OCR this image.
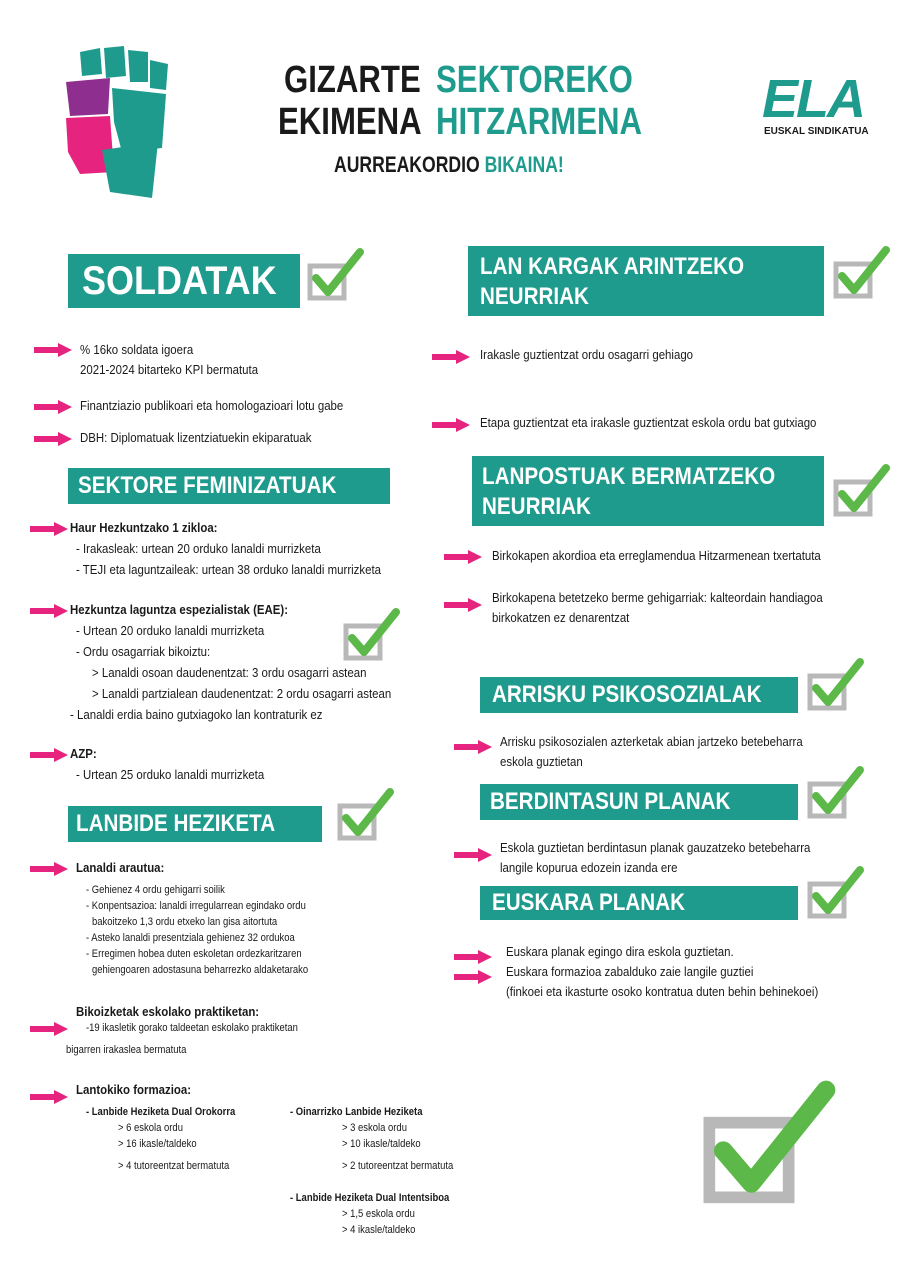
GIZARTE SEKTOREKO
EKIMENA HITZARMENA
AURREAKORDIO BIKAINA!
ELA
EUSKAL SINDIKATUA
SOLDATAK
% 16ko soldata igoera
2021-2024 bitarteko KPI bermatuta
Finantziazio publikoari eta homologazioari lotu gabe
DBH: Diplomatuak lizentziatuekin ekiparatuak
SEKTORE FEMINIZATUAK
Haur Hezkuntzako 1 zikloa:
- Irakasleak: urtean 20 orduko lanaldi murrizketa
- TEJI eta laguntzaileak: urtean 38 orduko lanaldi murrizketa
Hezkuntza laguntza espezialistak (EAE):
- Urtean 20 orduko lanaldi murrizketa
- Ordu osagarriak bikoiztu:
> Lanaldi osoan daudenentzat: 3 ordu osagarri astean
> Lanaldi partzialean daudenentzat: 2 ordu osagarri astean
- Lanaldi erdia baino gutxiagoko lan kontraturik ez
AZP:
- Urtean 25 orduko lanaldi murrizketa
LANBIDE HEZIKETA
Lanaldi arautua:
- Gehienez 4 ordu gehigarri soilik
- Konpentsazioa: lanaldi irregularrean egindako ordu
bakoitzeko 1,3 ordu etxeko lan gisa aitortuta
- Asteko lanaldi presentziala gehienez 32 ordukoa
- Erregimen hobea duten eskoletan ordezkaritzaren
gehiengoaren adostasuna beharrezko aldaketarako
Bikoizketak eskolako praktiketan:
-19 ikasletik gorako taldeetan eskolako praktiketan
bigarren irakaslea bermatuta
Lantokiko formazioa:
- Lanbide Heziketa Dual Orokorra
> 6 eskola ordu
> 16 ikasle/taldeko
> 4 tutoreentzat bermatuta
- Oinarrizko Lanbide Heziketa
> 3 eskola ordu
> 10 ikasle/taldeko
> 2 tutoreentzat bermatuta
- Lanbide Heziketa Dual Intentsiboa
> 1,5 eskola ordu
> 4 ikasle/taldeko
LAN KARGAK ARINTZEKO
NEURRIAK
Irakasle guztientzat ordu osagarri gehiago
Etapa guztientzat eta irakasle guztientzat eskola ordu bat gutxiago
LANPOSTUAK BERMATZEKO
NEURRIAK
Birkokapen akordioa eta erreglamendua Hitzarmenean txertatuta
Birkokapena betetzeko berme gehigarriak: kalteordain handiagoa
birkokatzen ez denarentzat
ARRISKU PSIKOSOZIALAK
Arrisku psikosozialen azterketak abian jartzeko betebeharra
eskola guztietan
BERDINTASUN PLANAK
Eskola guztietan berdintasun planak gauzatzeko betebeharra
langile kopurua edozein izanda ere
EUSKARA PLANAK
Euskara planak egingo dira eskola guztietan.
Euskara formazioa zabalduko zaie langile guztiei
(finkoei eta ikasturte osoko kontratua duten behin behinekoei)
